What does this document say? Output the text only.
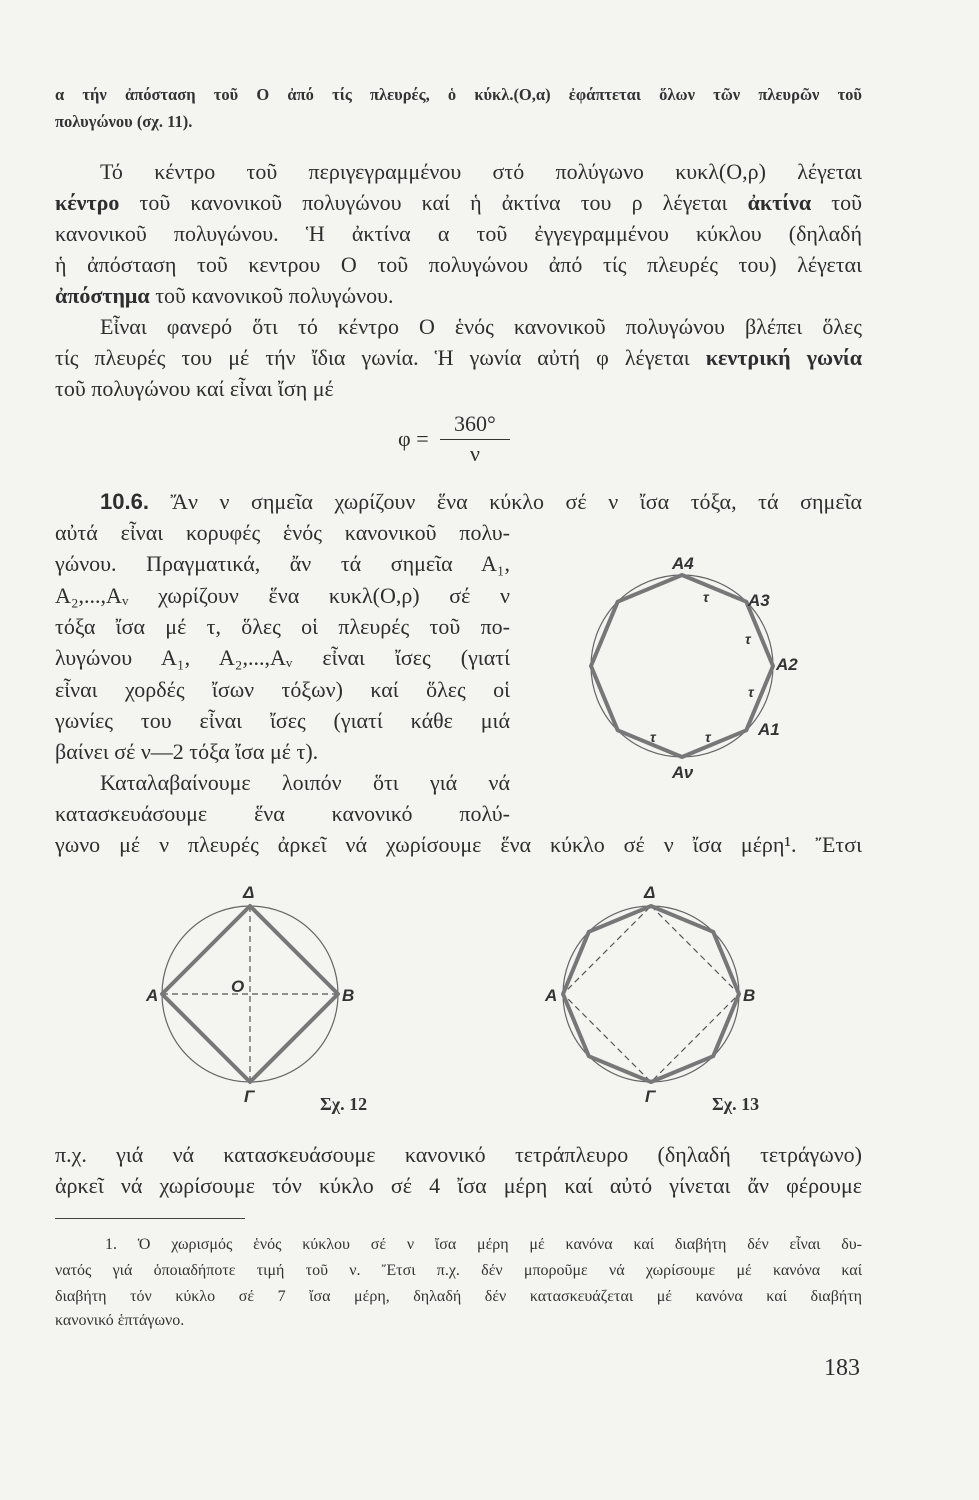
α τήν ἀπόσταση τοῦ Ο ἀπό τίς πλευρές, ὁ κύκλ.(Ο,α) ἐφάπτεται ὅλων τῶν πλευρῶν τοῦ
πολυγώνου (σχ. 11).
Τό κέντρο τοῦ περιγεγραμμένου στό πολύγωνο κυκλ(Ο,ρ) λέγεται
κέντρο τοῦ κανονικοῦ πολυγώνου καί ἡ ἀκτίνα του ρ λέγεται ἀκτίνα τοῦ
κανονικοῦ πολυγώνου. Ἡ ἀκτίνα α τοῦ ἐγγεγραμμένου κύκλου (δηλαδή
ἡ ἀπόσταση τοῦ κεντρου Ο τοῦ πολυγώνου ἀπό τίς πλευρές του) λέγεται
ἀπόστημα τοῦ κανονικοῦ πολυγώνου.
Εἶναι φανερό ὅτι τό κέντρο Ο ἑνός κανονικοῦ πολυγώνου βλέπει ὅλες
τίς πλευρές του μέ τήν ἴδια γωνία. Ἡ γωνία αὐτή φ λέγεται κεντρική γωνία
τοῦ πολυγώνου καί εἶναι ἴση μέ
φ =
360°
ν
10.6. Ἄν ν σημεῖα χωρίζουν ἕνα κύκλο σέ ν ἴσα τόξα, τά σημεῖα
αὐτά εἶναι κορυφές ἑνός κανονικοῦ πολυ-
γώνου. Πραγματικά, ἄν τά σημεῖα Α₁,
Α₂,...,Αᵥ χωρίζουν ἕνα κυκλ(Ο,ρ) σέ ν
τόξα ἴσα μέ τ, ὅλες οἱ πλευρές τοῦ πο-
λυγώνου Α₁, Α₂,...,Αᵥ εἶναι ἴσες (γιατί
εἶναι χορδές ἴσων τόξων) καί ὅλες οἱ
γωνίες του εἶναι ἴσες (γιατί κάθε μιά
βαίνει σέ ν—2 τόξα ἴσα μέ τ).
Καταλαβαίνουμε λοιπόν ὅτι γιά νά
κατασκευάσουμε ἕνα κανονικό πολύ-
γωνο μέ ν πλευρές ἀρκεῖ νά χωρίσουμε ἕνα κύκλο σέ ν ἴσα μέρη¹. Ἔτσι
Α4
Α3
Α2
Α1
Αν
τ
τ
τ
τ
τ
Δ
Α	Β
Γ
Ο
Σχ. 12
Δ
Α	Β
Γ	Σχ. 13
π.χ. γιά νά κατασκευάσουμε κανονικό τετράπλευρο (δηλαδή τετράγωνο)
ἀρκεῖ νά χωρίσουμε τόν κύκλο σέ 4 ἴσα μέρη καί αὐτό γίνεται ἄν φέρουμε
1. Ὁ χωρισμός ἑνός κύκλου σέ ν ἴσα μέρη μέ κανόνα καί διαβήτη δέν εἶναι δυ-
νατός γιά ὁποιαδήποτε τιμή τοῦ ν. Ἔτσι π.χ. δέν μποροῦμε νά χωρίσουμε μέ κανόνα καί
διαβήτη τόν κύκλο σέ 7 ἴσα μέρη, δηλαδή δέν κατασκευάζεται μέ κανόνα καί διαβήτη
κανονικό ἑπτάγωνο.
183
